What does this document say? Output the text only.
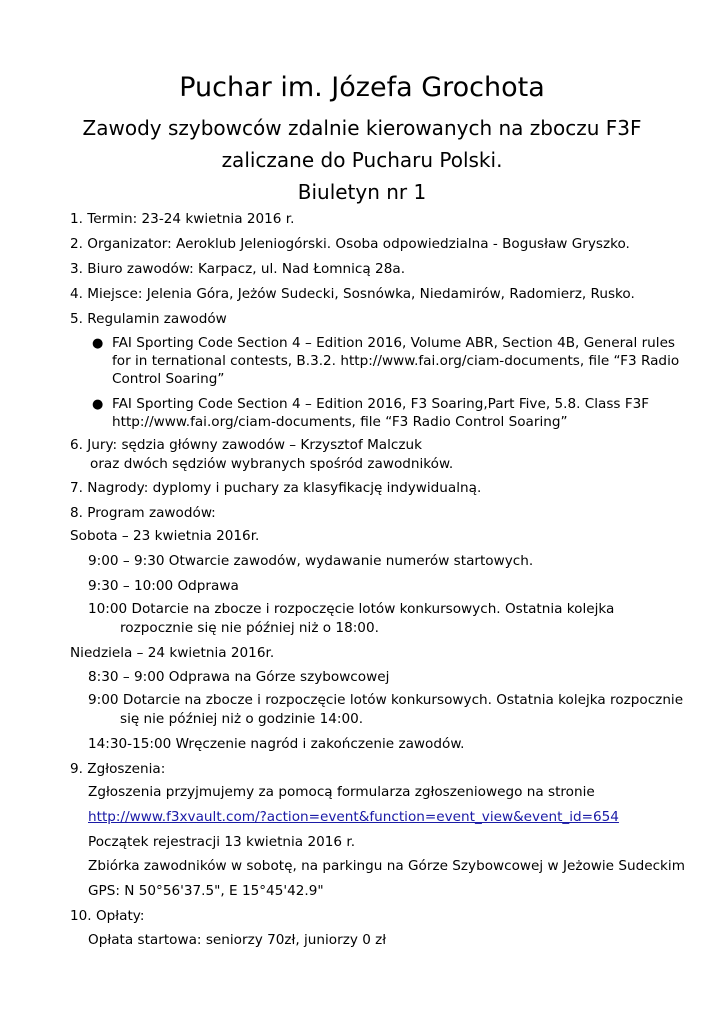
Puchar im. Józefa Grochota
Zawody szybowców zdalnie kierowanych na zboczu F3F
zaliczane do Pucharu Polski.
Biuletyn nr 1
1. Termin: 23-24 kwietnia 2016 r.
2. Organizator: Aeroklub Jeleniogórski. Osoba odpowiedzialna - Bogusław Gryszko.
3. Biuro zawodów: Karpacz, ul. Nad Łomnicą 28a.
4. Miejsce: Jelenia Góra, Jeżów Sudecki, Sosnówka, Niedamirów, Radomierz, Rusko.
5. Regulamin zawodów
● FAI Sporting Code Section 4 – Edition 2016, Volume ABR, Section 4B, General rules
for in ternational contests, B.3.2. http://www.fai.org/ciam-documents, file “F3 Radio
Control Soaring”
● FAI Sporting Code Section 4 – Edition 2016, F3 Soaring,Part Five, 5.8. Class F3F
http://www.fai.org/ciam-documents, file “F3 Radio Control Soaring”
6. Jury: sędzia główny zawodów – Krzysztof Malczuk
oraz dwóch sędziów wybranych spośród zawodników.
7. Nagrody: dyplomy i puchary za klasyfikację indywidualną.
8. Program zawodów:
Sobota – 23 kwietnia 2016r.
9:00 – 9:30 Otwarcie zawodów, wydawanie numerów startowych.
9:30 – 10:00 Odprawa
10:00 Dotarcie na zbocze i rozpoczęcie lotów konkursowych. Ostatnia kolejka
rozpocznie się nie później niż o 18:00.
Niedziela – 24 kwietnia 2016r.
8:30 – 9:00 Odprawa na Górze szybowcowej
9:00 Dotarcie na zbocze i rozpoczęcie lotów konkursowych. Ostatnia kolejka rozpocznie
się nie później niż o godzinie 14:00.
14:30-15:00 Wręczenie nagród i zakończenie zawodów.
9. Zgłoszenia:
Zgłoszenia przyjmujemy za pomocą formularza zgłoszeniowego na stronie
http://www.f3xvault.com/?action=event&function=event_view&event_id=654
Początek rejestracji 13 kwietnia 2016 r.
Zbiórka zawodników w sobotę, na parkingu na Górze Szybowcowej w Jeżowie Sudeckim
GPS: N 50°56'37.5", E 15°45'42.9"
10. Opłaty:
Opłata startowa: seniorzy 70zł, juniorzy 0 zł
